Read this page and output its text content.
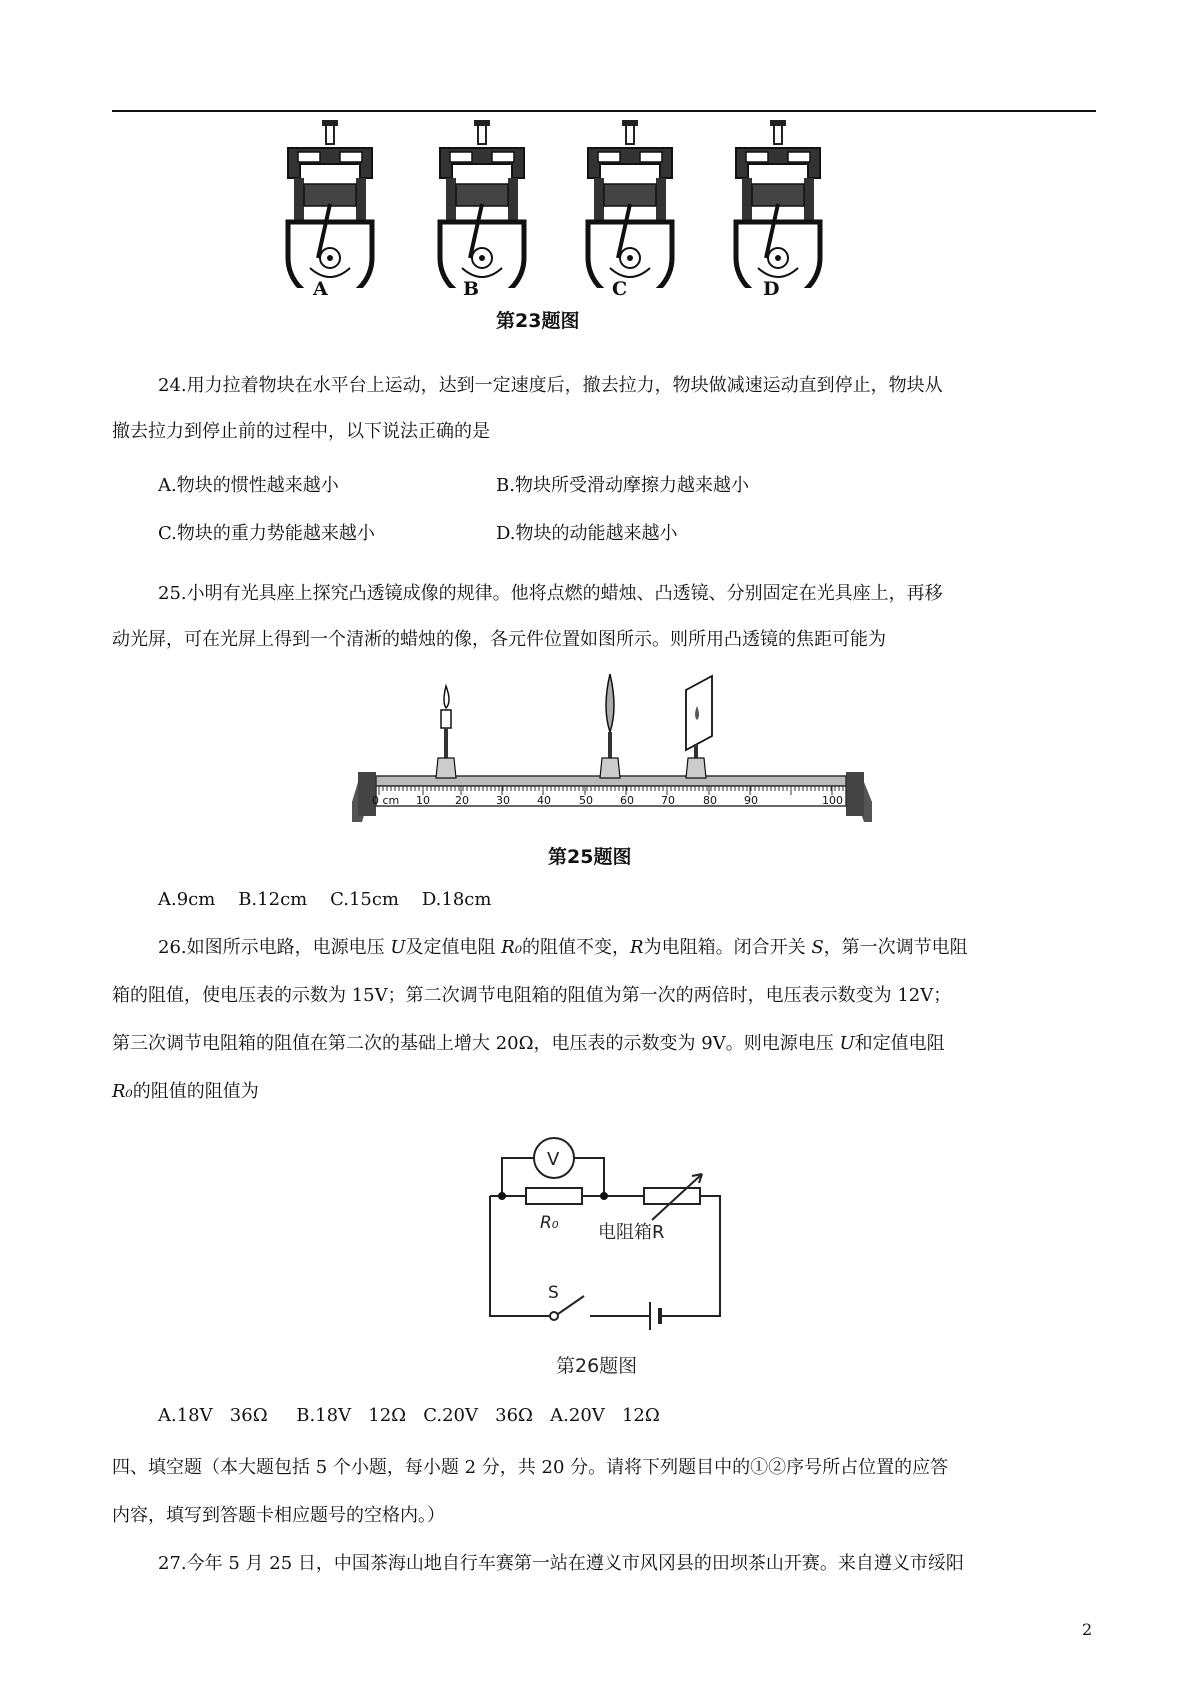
A	B	C	D
第23题图
24.用力拉着物块在水平台上运动，达到一定速度后，撤去拉力，物块做减速运动直到停止，物块从
撤去拉力到停止前的过程中，以下说法正确的是
A.物块的惯性越来越小	B.物块所受滑动摩擦力越来越小
C.物块的重力势能越来越小	D.物块的动能越来越小
25.小明有光具座上探究凸透镜成像的规律。他将点燃的蜡烛、凸透镜、分别固定在光具座上，再移
动光屏，可在光屏上得到一个清淅的蜡烛的像，各元件位置如图所示。则所用凸透镜的焦距可能为
0 cm 10 20 30 40	50 60 70	80 90	100
第25题图
A.9cm    B.12cm    C.15cm    D.18cm
26.如图所示电路，电源电压 U及定值电阻 R₀的阻值不变，R为电阻箱。闭合开关 S，第一次调节电阻
箱的阻值，使电压表的示数为 15V；第二次调节电阻箱的阻值为第一次的两倍时，电压表示数变为 12V；
第三次调节电阻箱的阻值在第二次的基础上增大 20Ω，电压表的示数变为 9V。则电源电压 U和定值电阻
R₀的阻值的阻值为
V
R₀ 电阻箱R
S
第26题图
A.18V   36Ω     B.18V   12Ω   C.20V   36Ω   A.20V   12Ω
四、填空题（本大题包括 5 个小题，每小题 2 分，共 20 分。请将下列题目中的①②序号所占位置的应答
内容，填写到答题卡相应题号的空格内。）
27.今年 5 月 25 日，中国茶海山地自行车赛第一站在遵义市风冈县的田坝茶山开赛。来自遵义市绥阳
2
